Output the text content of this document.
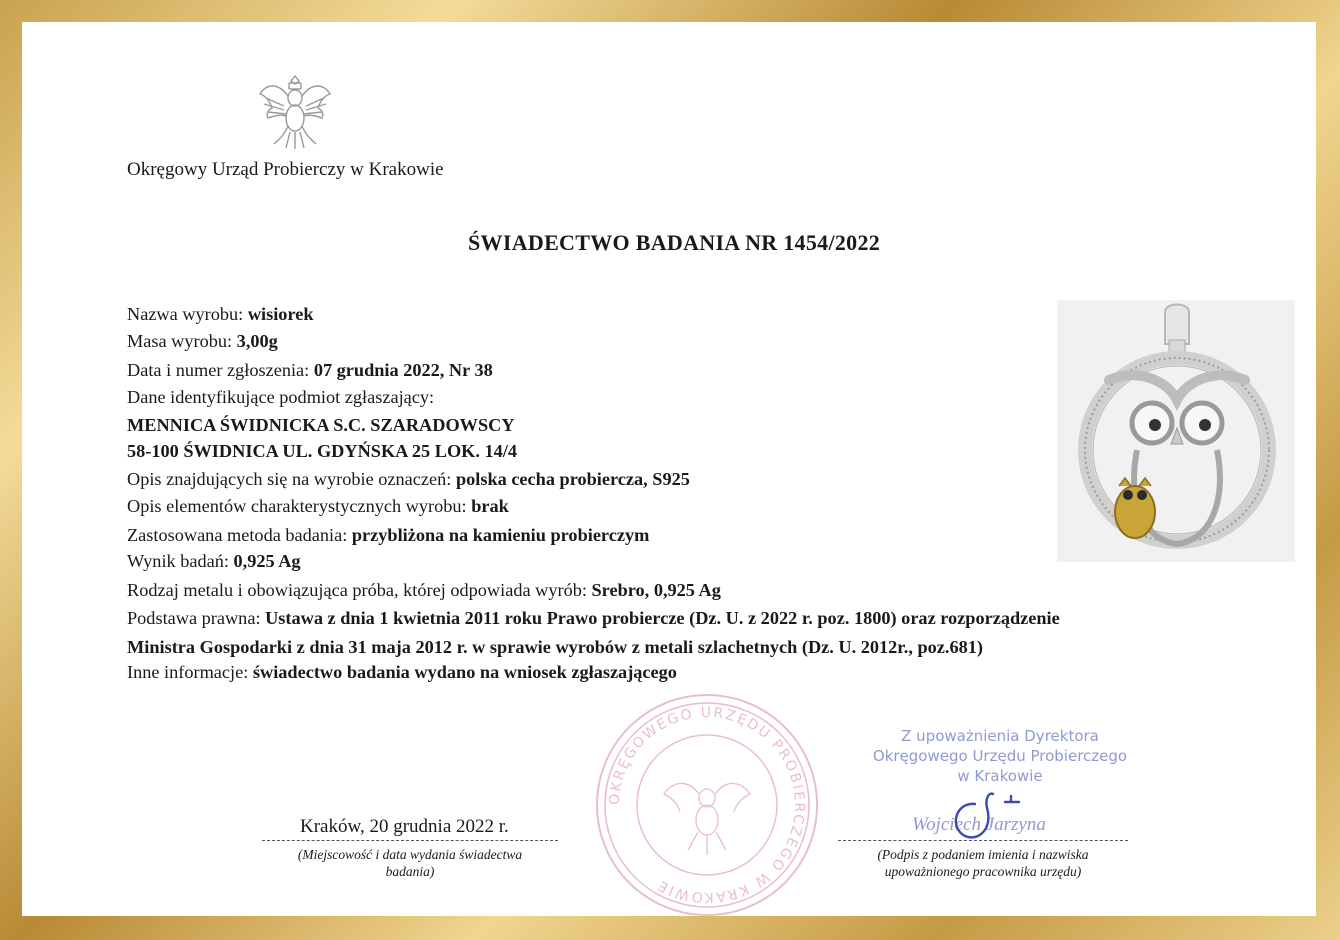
Okręgowy Urząd Probierczy w Krakowie
ŚWIADECTWO BADANIA NR 1454/2022
Nazwa wyrobu: wisiorek
Masa wyrobu: 3,00g
Data i numer zgłoszenia: 07 grudnia 2022, Nr 38
Dane identyfikujące podmiot zgłaszający:
MENNICA ŚWIDNICKA S.C. SZARADOWSCY
58-100 ŚWIDNICA UL. GDYŃSKA 25 LOK. 14/4
Opis znajdujących się na wyrobie oznaczeń: polska cecha probiercza, S925
Opis elementów charakterystycznych wyrobu: brak
Zastosowana metoda badania: przybliżona na kamieniu probierczym
Wynik badań: 0,925 Ag
Rodzaj metalu i obowiązująca próba, której odpowiada wyrób: Srebro, 0,925 Ag
Podstawa prawna: Ustawa z dnia 1 kwietnia 2011 roku Prawo probiercze (Dz. U. z 2022 r. poz. 1800) oraz rozporządzenie
Ministra Gospodarki z dnia 31 maja 2012 r. w sprawie wyrobów z metali szlachetnych (Dz. U. 2012r., poz.681)
Inne informacje: świadectwo badania wydano na wniosek zgłaszającego
OKRĘGOWEGO URZĘDU PROBIERCZEGO W KRAKOWIE
Z upoważnienia Dyrektora
Okręgowego Urzędu Probierczego
w Krakowie
Wojciech Jarzyna
Kraków, 20 grudnia 2022 r.
(Miejscowość i data wydania świadectwa
badania)
(Podpis z podaniem imienia i nazwiska
upoważnionego pracownika urzędu)
